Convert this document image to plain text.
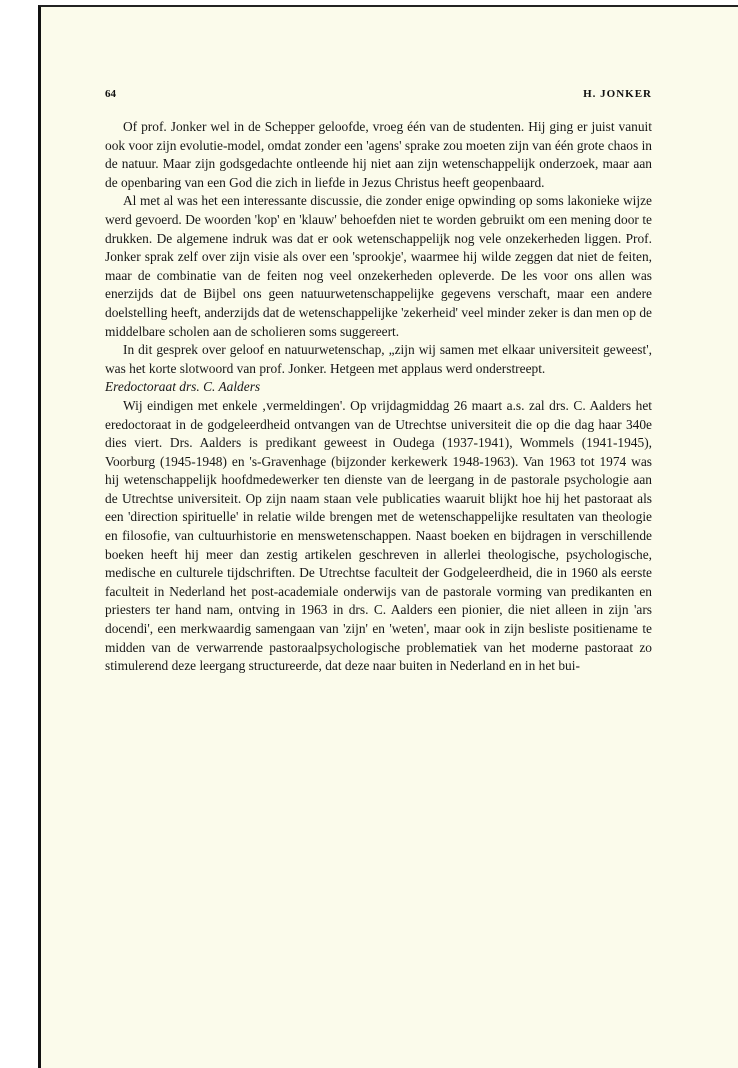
64	H. JONKER

Of prof. Jonker wel in de Schepper geloofde, vroeg één van de studenten. Hij ging er juist vanuit ook voor zijn evolutie-model, omdat zonder een 'agens' sprake zou moeten zijn van één grote chaos in de natuur. Maar zijn godsgedachte ontleende hij niet aan zijn wetenschappelijk onderzoek, maar aan de openbaring van een God die zich in liefde in Jezus Christus heeft geopenbaard.

Al met al was het een interessante discussie, die zonder enige opwinding op soms lakonieke wijze werd gevoerd. De woorden 'kop' en 'klauw' behoefden niet te worden gebruikt om een mening door te drukken. De algemene indruk was dat er ook wetenschappelijk nog vele onzekerheden liggen. Prof. Jonker sprak zelf over zijn visie als over een 'sprookje', waarmee hij wilde zeggen dat niet de feiten, maar de combinatie van de feiten nog veel onzekerheden opleverde. De les voor ons allen was enerzijds dat de Bijbel ons geen natuurwetenschappelijke gegevens verschaft, maar een andere doelstelling heeft, anderzijds dat de wetenschappelijke 'zekerheid' veel minder zeker is dan men op de middelbare scholen aan de scholieren soms suggereert.

In dit gesprek over geloof en natuurwetenschap, „zijn wij samen met elkaar universiteit geweest', was het korte slotwoord van prof. Jonker. Hetgeen met applaus werd onderstreept.

Eredoctoraat drs. C. Aalders

Wij eindigen met enkele ‚vermeldingen'. Op vrijdagmiddag 26 maart a.s. zal drs. C. Aalders het eredoctoraat in de godgeleerdheid ontvangen van de Utrechtse universiteit die op die dag haar 340e dies viert. Drs. Aalders is predikant geweest in Oudega (1937-1941), Wommels (1941-1945), Voorburg (1945-1948) en 's-Gravenhage (bijzonder kerkewerk 1948-1963). Van 1963 tot 1974 was hij wetenschappelijk hoofdmedewerker ten dienste van de leergang in de pastorale psychologie aan de Utrechtse universiteit. Op zijn naam staan vele publicaties waaruit blijkt hoe hij het pastoraat als een 'direction spirituelle' in relatie wilde brengen met de wetenschappelijke resultaten van theologie en filosofie, van cultuurhistorie en menswetenschappen. Naast boeken en bijdragen in verschillende boeken heeft hij meer dan zestig artikelen geschreven in allerlei theologische, psychologische, medische en culturele tijdschriften. De Utrechtse faculteit der Godgeleerdheid, die in 1960 als eerste faculteit in Nederland het post-academiale onderwijs van de pastorale vorming van predikanten en priesters ter hand nam, ontving in 1963 in drs. C. Aalders een pionier, die niet alleen in zijn 'ars docendi', een merkwaardig samengaan van 'zijn' en 'weten', maar ook in zijn besliste positiename te midden van de verwarrende pastoraalpsychologische problematiek van het moderne pastoraat zo stimulerend deze leergang structureerde, dat deze naar buiten in Nederland en in het bui-
